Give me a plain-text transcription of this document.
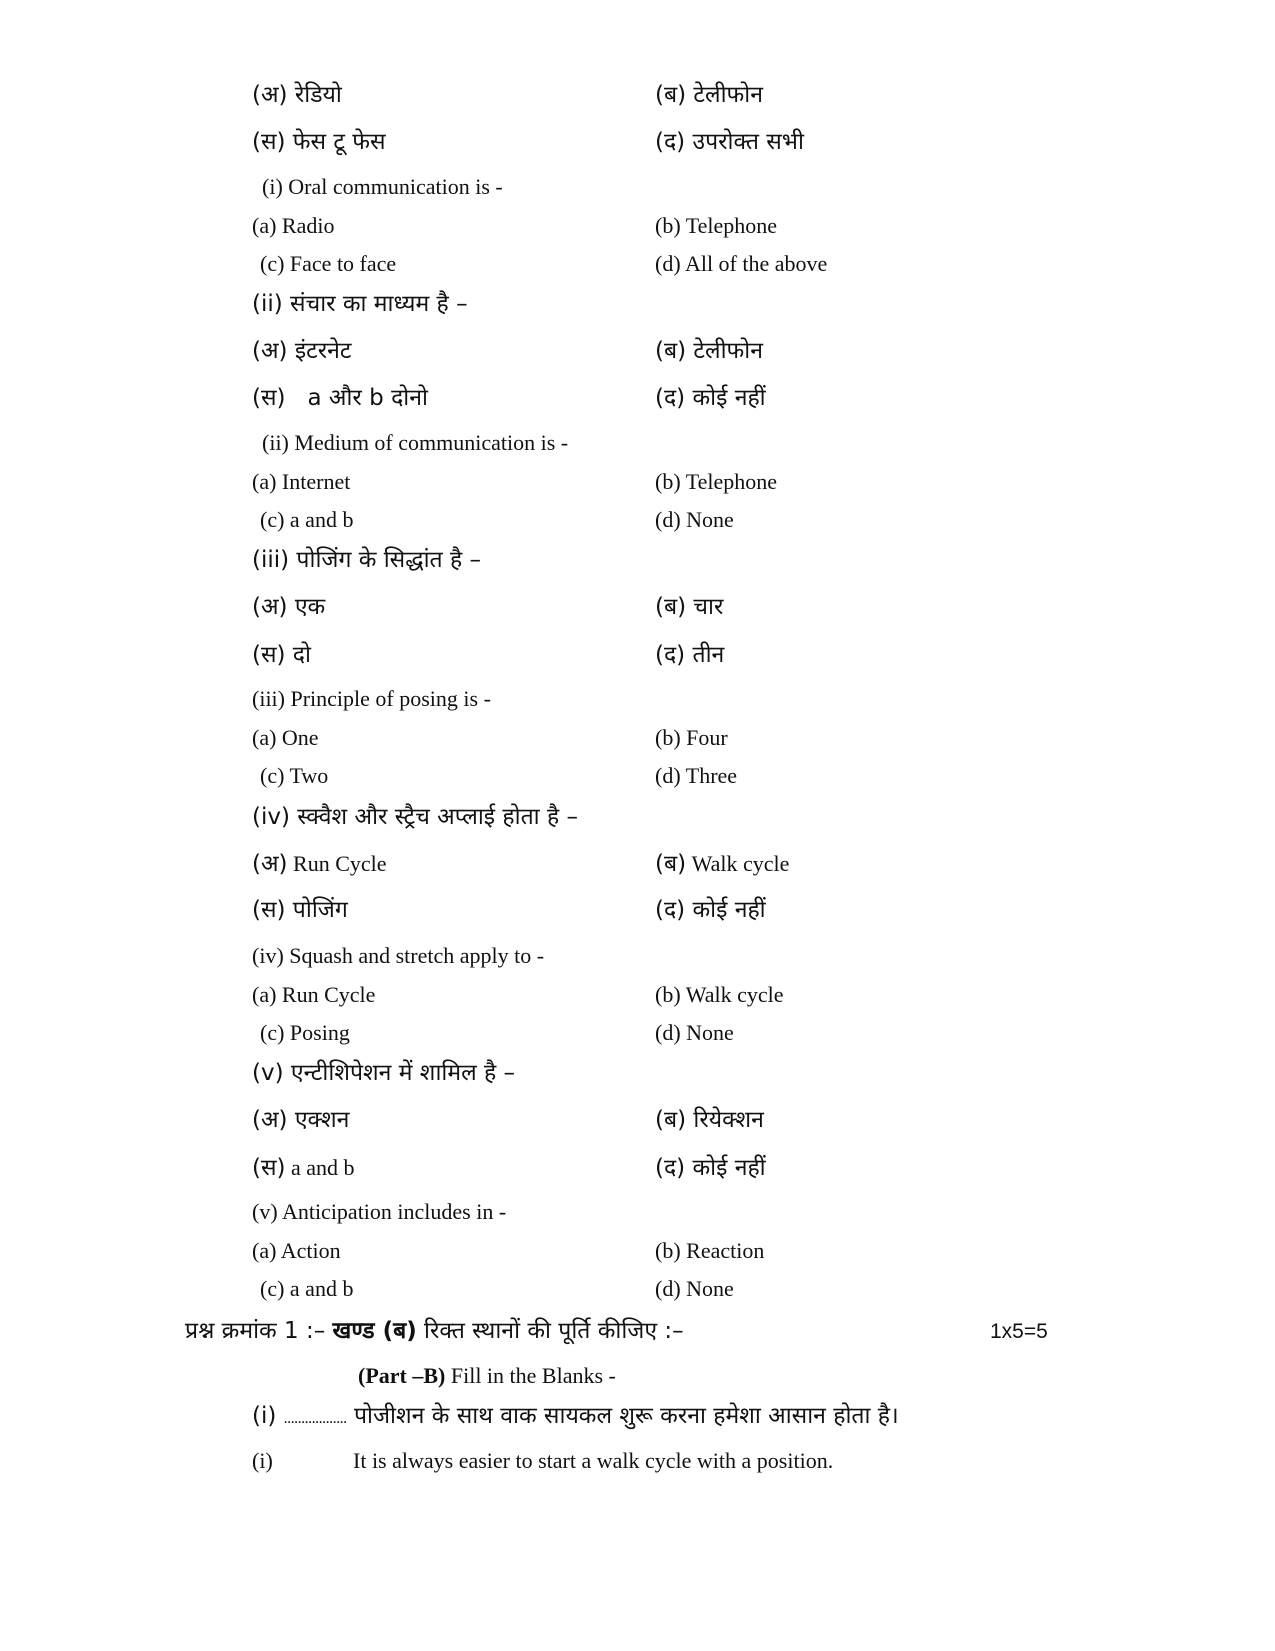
(अ) रेडियो	(ब) टेलीफोन
(स) फेस टू फेस	(द) उपरोक्त सभी
(i) Oral communication is -
(a) Radio	(b) Telephone
(c) Face to face	(d) All of the above
(ii) संचार का माध्यम है –
(अ) इंटरनेट	(ब) टेलीफोन
(स) a और b दोनो	(द) कोई नहीं
(ii) Medium of communication is -
(a) Internet	(b) Telephone
(c) a and b	(d) None
(iii) पोजिंग के सिद्धांत है –
(अ) एक	(ब) चार
(स) दो	(द) तीन
(iii) Principle of posing is -
(a) One	(b) Four
(c) Two	(d) Three
(iv) स्क्वैश और स्ट्रैच अप्लाई होता है –
(अ) Run Cycle	(ब) Walk cycle
(स) पोजिंग	(द) कोई नहीं
(iv) Squash and stretch apply to -
(a) Run Cycle	(b) Walk cycle
(c) Posing	(d) None
(v) एन्टीशिपेशन में शामिल है –
(अ) एक्शन	(ब) रियेक्शन
(स) a and b	(द) कोई नहीं
(v) Anticipation includes in -
(a) Action	(b) Reaction
(c) a and b	(d) None
प्रश्न क्रमांक 1 :– खण्ड (ब) रिक्त स्थानों की पूर्ति कीजिए :–	1x5=5
(Part –B) Fill in the Blanks -
(i) .................. पोजीशन के साथ वाक सायकल शुरू करना हमेशा आसान होता है।
(i)	It is always easier to start a walk cycle with a position.
